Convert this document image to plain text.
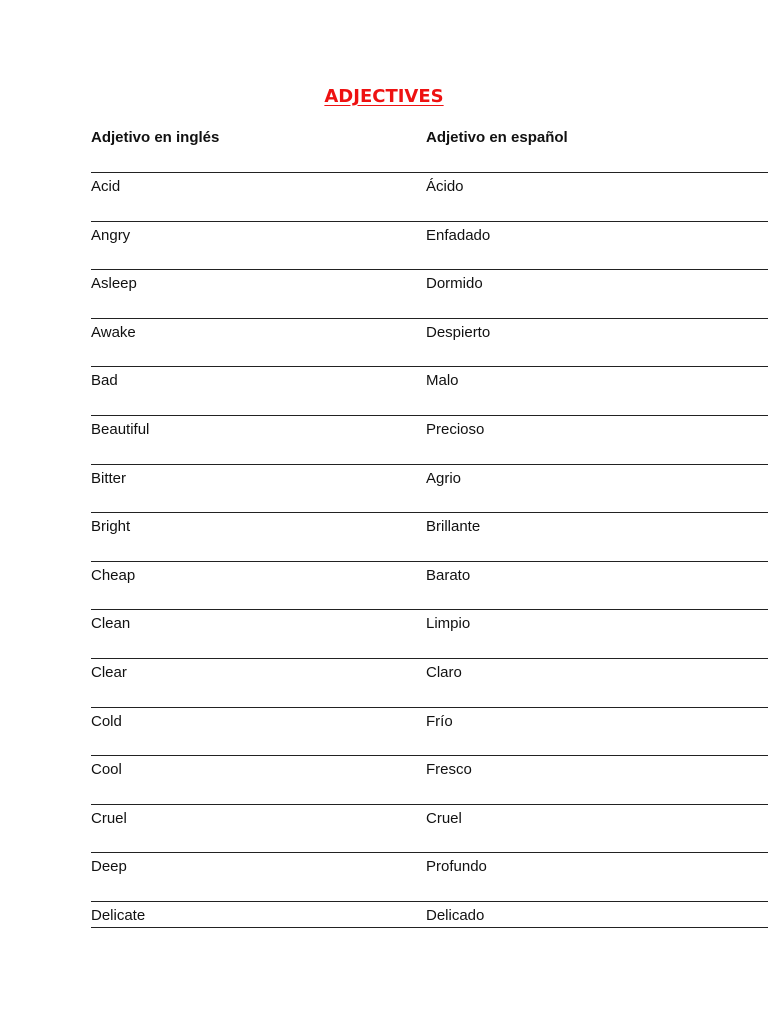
ADJECTIVES
Adjetivo en inglés	Adjetivo en español
Acid	Ácido
Angry	Enfadado
Asleep	Dormido
Awake	Despierto
Bad	Malo
Beautiful	Precioso
Bitter	Agrio
Bright	Brillante
Cheap	Barato
Clean	Limpio
Clear	Claro
Cold	Frío
Cool	Fresco
Cruel	Cruel
Deep	Profundo
Delicate	Delicado
